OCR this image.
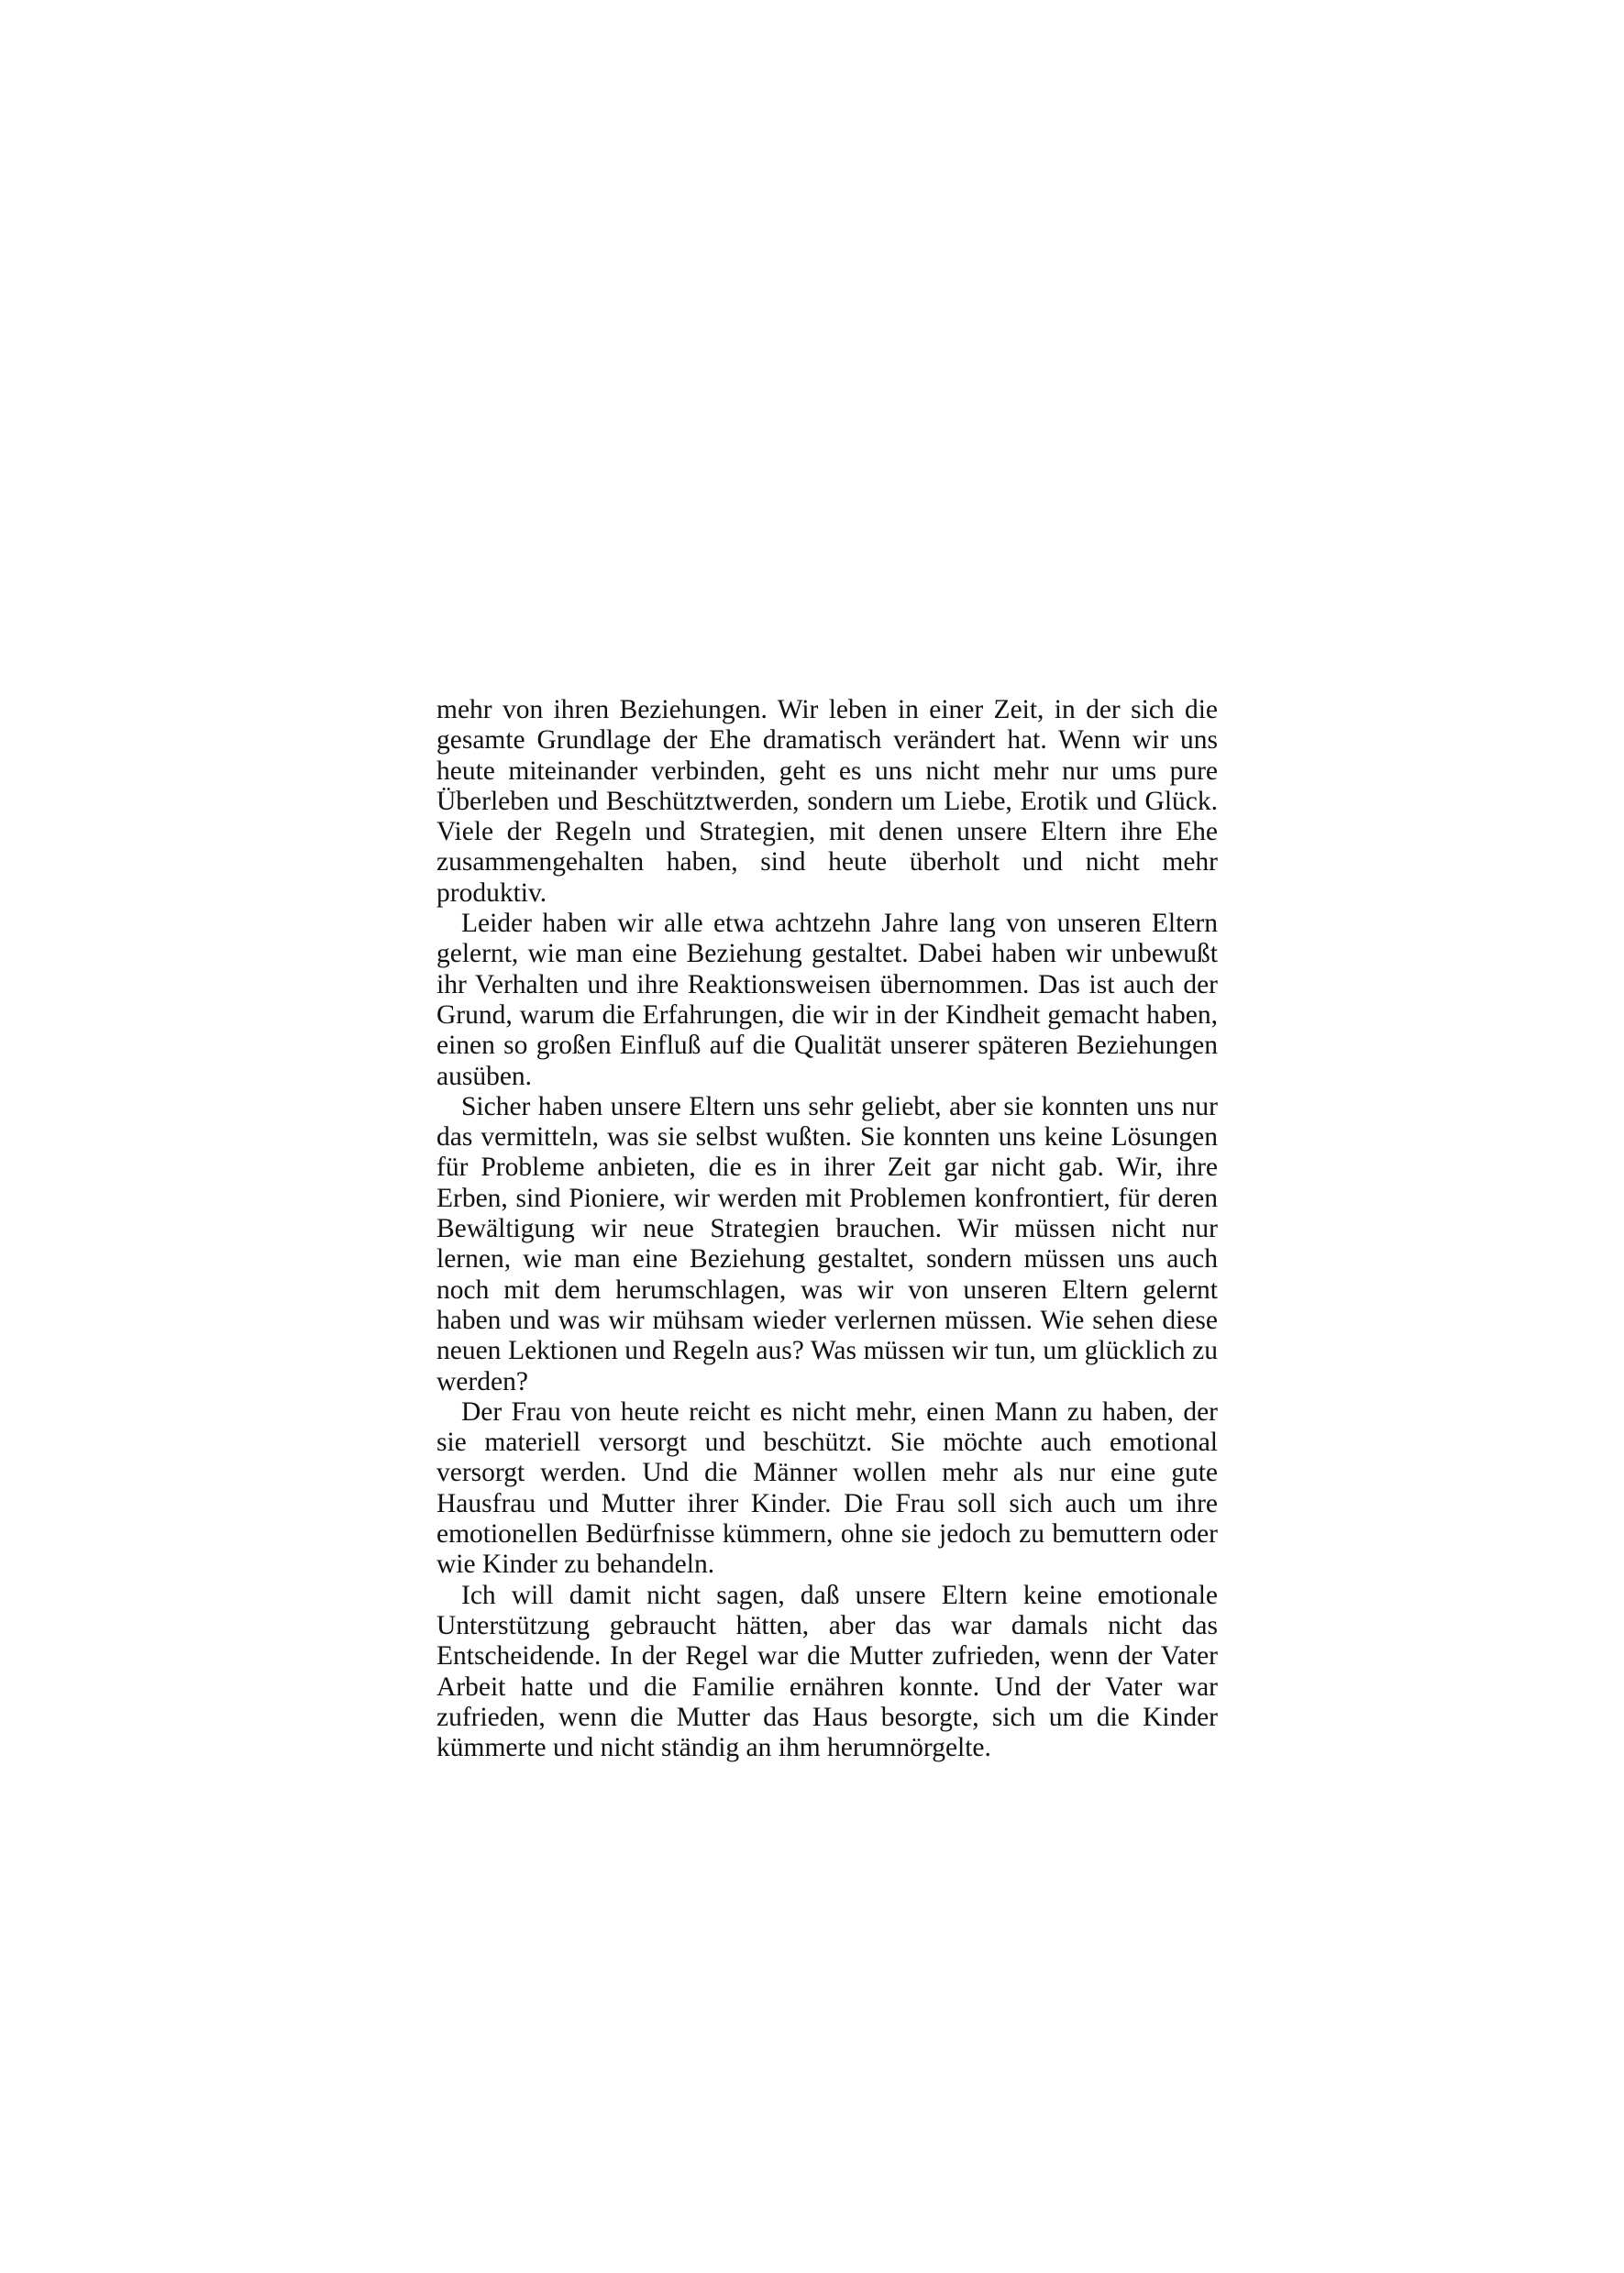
mehr von ihren Beziehungen. Wir leben in einer Zeit, in der sich die gesamte Grundlage der Ehe dramatisch verändert hat. Wenn wir uns heute miteinander verbinden, geht es uns nicht mehr nur ums pure Überleben und Beschütztwerden, sondern um Liebe, Erotik und Glück. Viele der Regeln und Strategien, mit denen unsere Eltern ihre Ehe zusammengehalten haben, sind heute überholt und nicht mehr produktiv.

Leider haben wir alle etwa achtzehn Jahre lang von unseren Eltern gelernt, wie man eine Beziehung gestaltet. Dabei haben wir unbewußt ihr Verhalten und ihre Reaktionsweisen übernommen. Das ist auch der Grund, warum die Erfahrungen, die wir in der Kindheit gemacht haben, einen so großen Einfluß auf die Qualität unserer späteren Beziehungen ausüben.

Sicher haben unsere Eltern uns sehr geliebt, aber sie konnten uns nur das vermitteln, was sie selbst wußten. Sie konnten uns keine Lösungen für Probleme anbieten, die es in ihrer Zeit gar nicht gab. Wir, ihre Erben, sind Pioniere, wir werden mit Problemen konfrontiert, für deren Bewältigung wir neue Strategien brauchen. Wir müssen nicht nur lernen, wie man eine Beziehung gestaltet, sondern müssen uns auch noch mit dem herumschlagen, was wir von unseren Eltern gelernt haben und was wir mühsam wieder verlernen müssen. Wie sehen diese neuen Lektionen und Regeln aus? Was müssen wir tun, um glücklich zu werden?

Der Frau von heute reicht es nicht mehr, einen Mann zu haben, der sie materiell versorgt und beschützt. Sie möchte auch emotional versorgt werden. Und die Männer wollen mehr als nur eine gute Hausfrau und Mutter ihrer Kinder. Die Frau soll sich auch um ihre emotionellen Bedürfnisse kümmern, ohne sie jedoch zu bemuttern oder wie Kinder zu behandeln.

Ich will damit nicht sagen, daß unsere Eltern keine emotionale Unterstützung gebraucht hätten, aber das war damals nicht das Entscheidende. In der Regel war die Mutter zufrieden, wenn der Vater Arbeit hatte und die Familie ernähren konnte. Und der Vater war zufrieden, wenn die Mutter das Haus besorgte, sich um die Kinder kümmerte und nicht ständig an ihm herumnörgelte.
